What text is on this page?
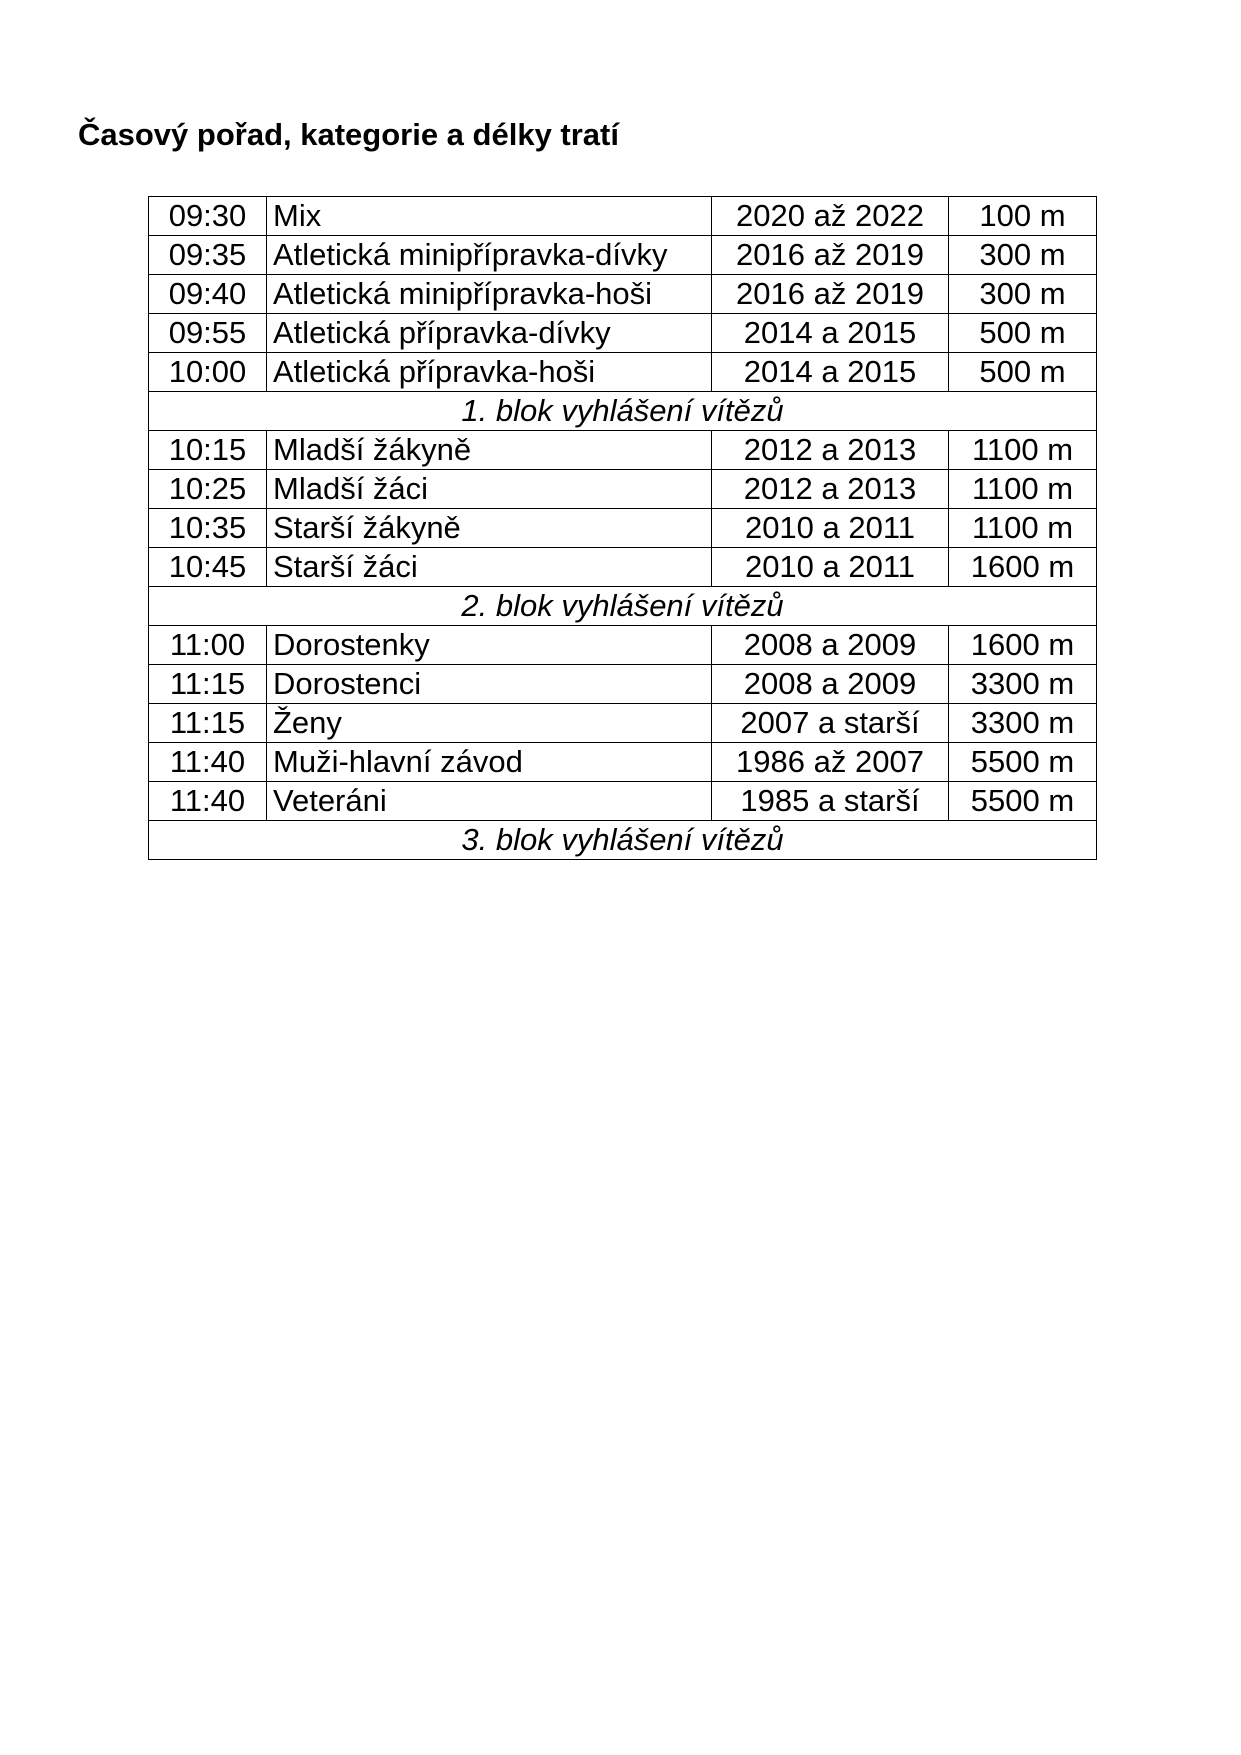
Časový pořad, kategorie a délky tratí
09:30	Mix	2020 až 2022	100 m
09:35	Atletická minipřípravka-dívky	2016 až 2019	300 m
09:40	Atletická minipřípravka-hoši	2016 až 2019	300 m
09:55	Atletická přípravka-dívky	2014 a 2015	500 m
10:00	Atletická přípravka-hoši	2014 a 2015	500 m
1. blok vyhlášení vítězů			
10:15	Mladší žákyně	2012 a 2013	1100 m
10:25	Mladší žáci	2012 a 2013	1100 m
10:35	Starší žákyně	2010 a 2011	1100 m
10:45	Starší žáci	2010 a 2011	1600 m
2. blok vyhlášení vítězů			
11:00	Dorostenky	2008 a 2009	1600 m
11:15	Dorostenci	2008 a 2009	3300 m
11:15	Ženy	2007 a starší	3300 m
11:40	Muži-hlavní závod	1986 až 2007	5500 m
11:40	Veteráni	1985 a starší	5500 m
3. blok vyhlášení vítězů			
